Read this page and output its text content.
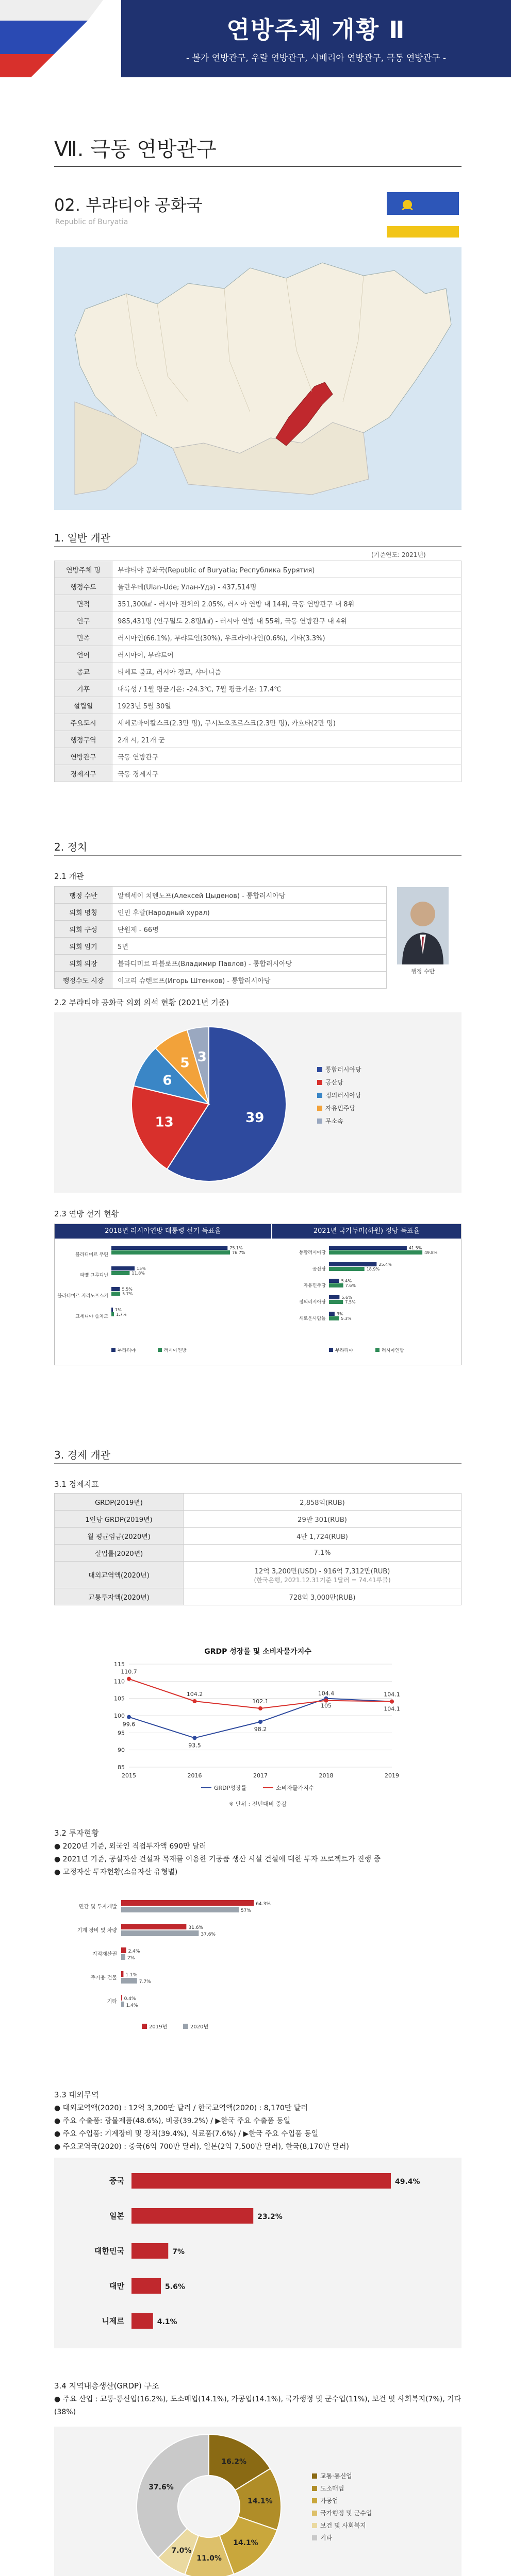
연방주체 개황 Ⅱ
- 볼가 연방관구, 우랄 연방관구, 시베리아 연방관구, 극동 연방관구 -
Ⅶ. 극동 연방관구
02. 부랴티야 공화국
Republic of Buryatia
1. 일반 개관
(기준연도: 2021년)
연방주체 명	부랴티야 공화국(Republic of Buryatia; Республика Бурятия)
행정수도	울란우데(Ulan-Ude; Улан-Удэ) - 437,514명
면적	351,300㎢ - 러시아 전체의 2.05%, 러시아 연방 내 14위, 극동 연방관구 내 8위
인구	985,431명 (인구밀도 2.8명/㎢) - 러시아 연방 내 55위, 극동 연방관구 내 4위
민족	러시아인(66.1%), 부랴트인(30%), 우크라이나인(0.6%), 기타(3.3%)
언어	러시아어, 부랴트어
종교	티베트 불교, 러시아 정교, 샤머니즘
기후	대륙성 / 1월 평균기온: -24.3℃, 7월 평균기온: 17.4℃
설립일	1923년 5월 30일
주요도시	세베로바이칼스크(2.3만 명), 구시노오조르스크(2.3만 명), 카흐타(2만 명)
행정구역	2개 시, 21개 군
연방관구	극동 연방관구
경제지구	극동 경제지구
2. 정치
2.1 개관
행정 수반	알렉세이 치덴노프(Алексей Цыденов) - 통합러시아당
의회 명칭	인민 후랄(Народный хурал)
의회 구성	단원제 - 66명
의회 임기	5년
의회 의장	블라디미르 파블로프(Владимир Павлов) - 통합러시아당
행정수도 시장	이고리 슈텐코프(Игорь Штенков) - 통합러시아당
행정 수반
2.2 부랴티야 공화국 의회 의석 현황 (2021년 기준)
39
13
6
5 3
통합러시아당
공산당
정의러시아당
자유민주당
무소속
2.3 연방 선거 현황
2018년 러시아연방 대통령 선거 득표율	2021년 국가두마(하원) 정당 득표율
블라디미르 푸틴
75.1%
76.7%
파벨 그루디닌
15%
11.8%
블라디미르 지리노프스키
5.5%
5.7%
크세니야 솝차크
1%
1.7%
부랴티야	러시아연방
통합러시아당
41.5%
49.8%
공산당
25.4%
18.9%
자유민주당
5.4%
7.6%
정의러시아당
5.6%
7.5%
새로운사람들
3%
5.3%
부랴티야	러시아연방
3. 경제 개관
3.1 경제지표
GRDP(2019년)	2,858억(RUB)
1인당 GRDP(2019년)	29만 301(RUB)
월 평균임금(2020년)	4만 1,724(RUB)
실업률(2020년)	7.1%
대외교역액(2020년)	12억 3,200만(USD) - 916억 7,312만(RUB)
(한국은행, 2021.12.31기준 1달러 = 74.41루블)

교통투자액(2020년)	728억 3,000만(RUB)
GRDP 성장률 및 소비자물가지수
85
90
95
100
105
110
115
2015	2016	2017	2018	2019
99.6
93.5
98.2
105	104.1
GRDP성장률
110.7
104.2
102.1
104.4	104.1
소비자물가지수
※ 단위 : 전년대비 증감
3.2 투자현황
● 2020년 기준, 외국인 직접투자액 690만 달러
● 2021년 기준, 공실자산 건설과 목재를 이용한 기공품 생산 시설 건설에 대한 투자 프로젝트가 진행 중
● 고정자산 투자현황(소유자산 유형별)
민간 및 투자개발	64.3%
57%
기계 장비 및 차량	31.6%
37.6%
지적재산권 2.4%
2%
주거용 건물 1.1%
7.7%
기타 0.4%
1.4%
2019년	2020년
3.3 대외무역
● 대외교역액(2020) : 12억 3,200만 달러 / 한국교역액(2020) : 8,170만 달러
● 주요 수출품: 광물제품(48.6%), 비공(39.2%) / ▶한국 주요 수출품 동일
● 주요 수입품: 기계장비 및 장치(39.4%), 식료품(7.6%) / ▶한국 주요 수입품 동일
● 주요교역국(2020) : 중국(6억 700만 달러), 일본(2억 7,500만 달러), 한국(8,170만 달러)
중국	49.4%
일본	23.2%
대한민국	7%
대만	5.6%
니제르	4.1%
3.4 지역내총생산(GRDP) 구조
● 주요 산업 : 교통·통신업(16.2%), 도소매업(14.1%), 가공업(14.1%), 국가행정 및 군수업(11%), 보건 및 사회복지(7%), 기타(38%)
16.2%
14.1%
14.1%
11.0%
7.0%
37.6%
교통·통신업
도소매업
가공업
국가행정 및 군수업
보건 및 사회복지
기타
